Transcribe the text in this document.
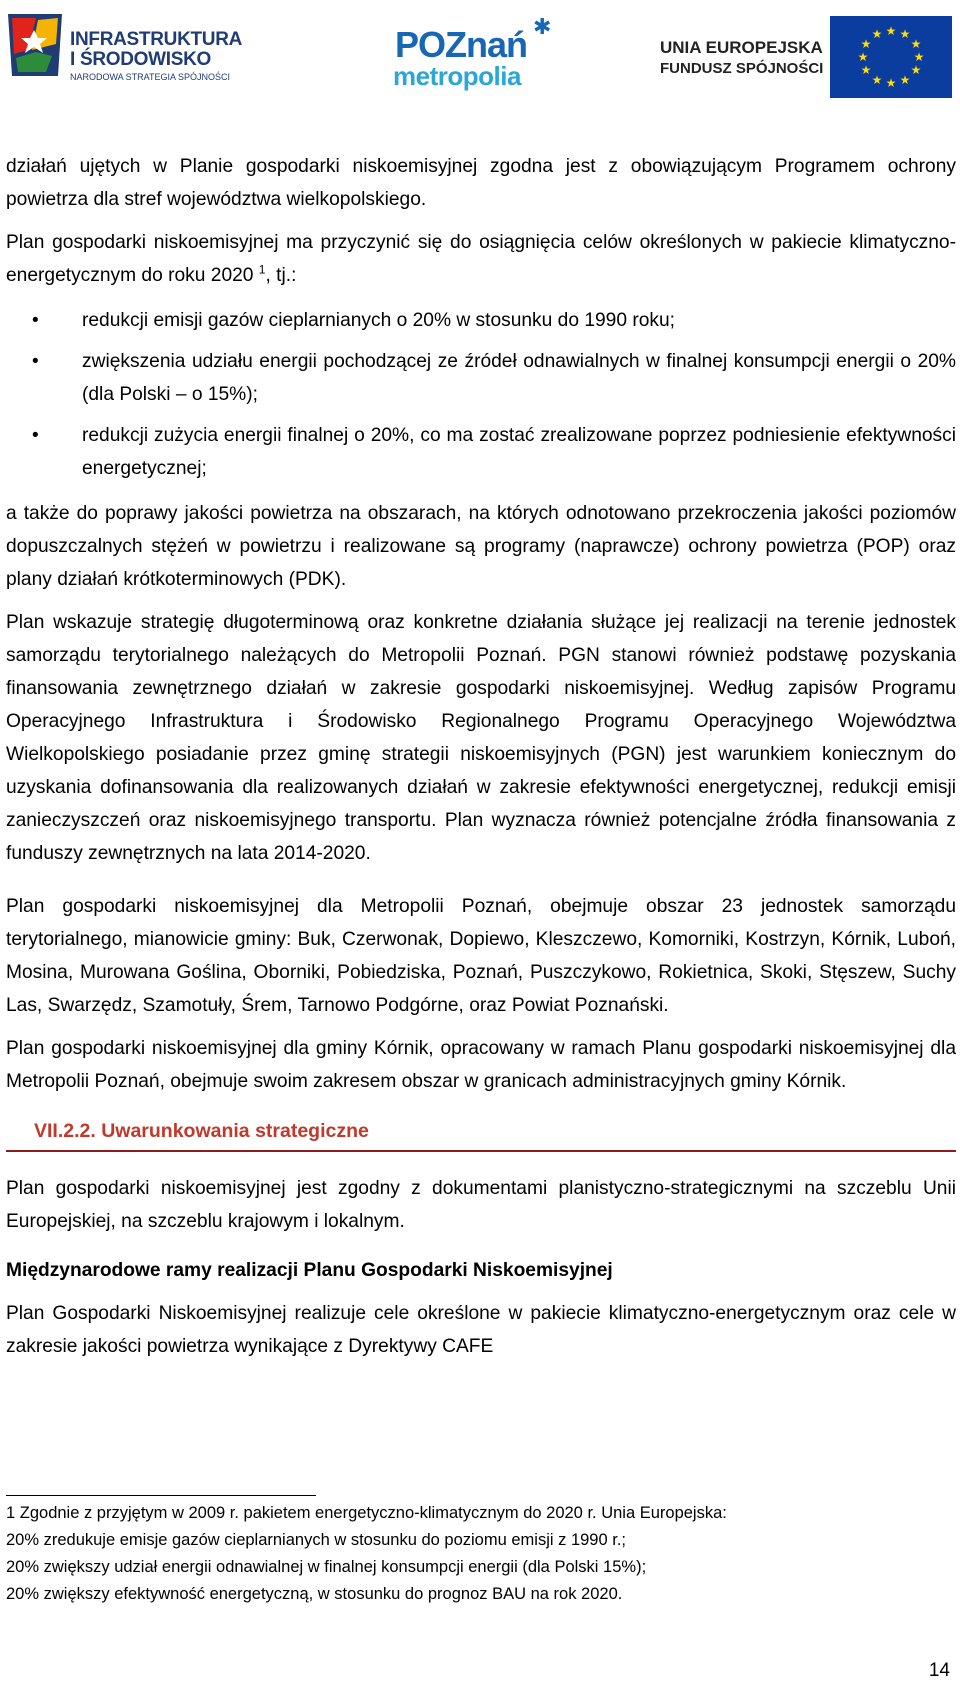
INFRASTRUKTURA
I ŚRODOWISKO
NARODOWA STRATEGIA SPÓJNOŚCI
✱
POZnań
metropolia
UNIA EUROPEJSKA
FUNDUSZ SPÓJNOŚCI
★ ★
★
★
★
★
★
★
★
★
★
★

działań ujętych w Planie gospodarki niskoemisyjnej zgodna jest z obowiązującym Programem ochrony powietrza dla stref województwa wielkopolskiego.

Plan gospodarki niskoemisyjnej ma przyczynić się do osiągnięcia celów określonych w pakiecie klimatyczno-energetycznym do roku 2020 $^1$, tj.:

• redukcji emisji gazów cieplarnianych o 20% w stosunku do 1990 roku;
• zwiększenia udziału energii pochodzącej ze źródeł odnawialnych w finalnej konsumpcji energii o 20% (dla Polski – o 15%);
• redukcji zużycia energii finalnej o 20%, co ma zostać zrealizowane poprzez podniesienie efektywności energetycznej;

a także do poprawy jakości powietrza na obszarach, na których odnotowano przekroczenia jakości poziomów dopuszczalnych stężeń w powietrzu i realizowane są programy (naprawcze) ochrony powietrza (POP) oraz plany działań krótkoterminowych (PDK).

Plan wskazuje strategię długoterminową oraz konkretne działania służące jej realizacji na terenie jednostek samorządu terytorialnego należących do Metropolii Poznań. PGN stanowi również podstawę pozyskania finansowania zewnętrznego działań w zakresie gospodarki niskoemisyjnej. Według zapisów Programu Operacyjnego Infrastruktura i Środowisko Regionalnego Programu Operacyjnego Województwa Wielkopolskiego posiadanie przez gminę strategii niskoemisyjnych (PGN) jest warunkiem koniecznym do uzyskania dofinansowania dla realizowanych działań w zakresie efektywności energetycznej, redukcji emisji zanieczyszczeń oraz niskoemisyjnego transportu. Plan wyznacza również potencjalne źródła finansowania z funduszy zewnętrznych na lata 2014-2020.

Plan gospodarki niskoemisyjnej dla Metropolii Poznań, obejmuje obszar 23 jednostek samorządu terytorialnego, mianowicie gminy: Buk, Czerwonak, Dopiewo, Kleszczewo, Komorniki, Kostrzyn, Kórnik, Luboń, Mosina, Murowana Goślina, Oborniki, Pobiedziska, Poznań, Puszczykowo, Rokietnica, Skoki, Stęszew, Suchy Las, Swarzędz, Szamotuły, Śrem, Tarnowo Podgórne, oraz Powiat Poznański.

Plan gospodarki niskoemisyjnej dla gminy Kórnik, opracowany w ramach Planu gospodarki niskoemisyjnej dla Metropolii Poznań, obejmuje swoim zakresem obszar w granicach administracyjnych gminy Kórnik.

VII.2.2. Uwarunkowania strategiczne

Plan gospodarki niskoemisyjnej jest zgodny z dokumentami planistyczno-strategicznymi na szczeblu Unii Europejskiej, na szczeblu krajowym i lokalnym.

Międzynarodowe ramy realizacji Planu Gospodarki Niskoemisyjnej

Plan Gospodarki Niskoemisyjnej realizuje cele określone w pakiecie klimatyczno-energetycznym oraz cele w zakresie jakości powietrza wynikające z Dyrektywy CAFE

1 Zgodnie z przyjętym w 2009 r. pakietem energetyczno-klimatycznym do 2020 r. Unia Europejska:

20% zredukuje emisje gazów cieplarnianych w stosunku do poziomu emisji z 1990 r.;

20% zwiększy udział energii odnawialnej w finalnej konsumpcji energii (dla Polski 15%);

20% zwiększy efektywność energetyczną, w stosunku do prognoz BAU na rok 2020.

14
